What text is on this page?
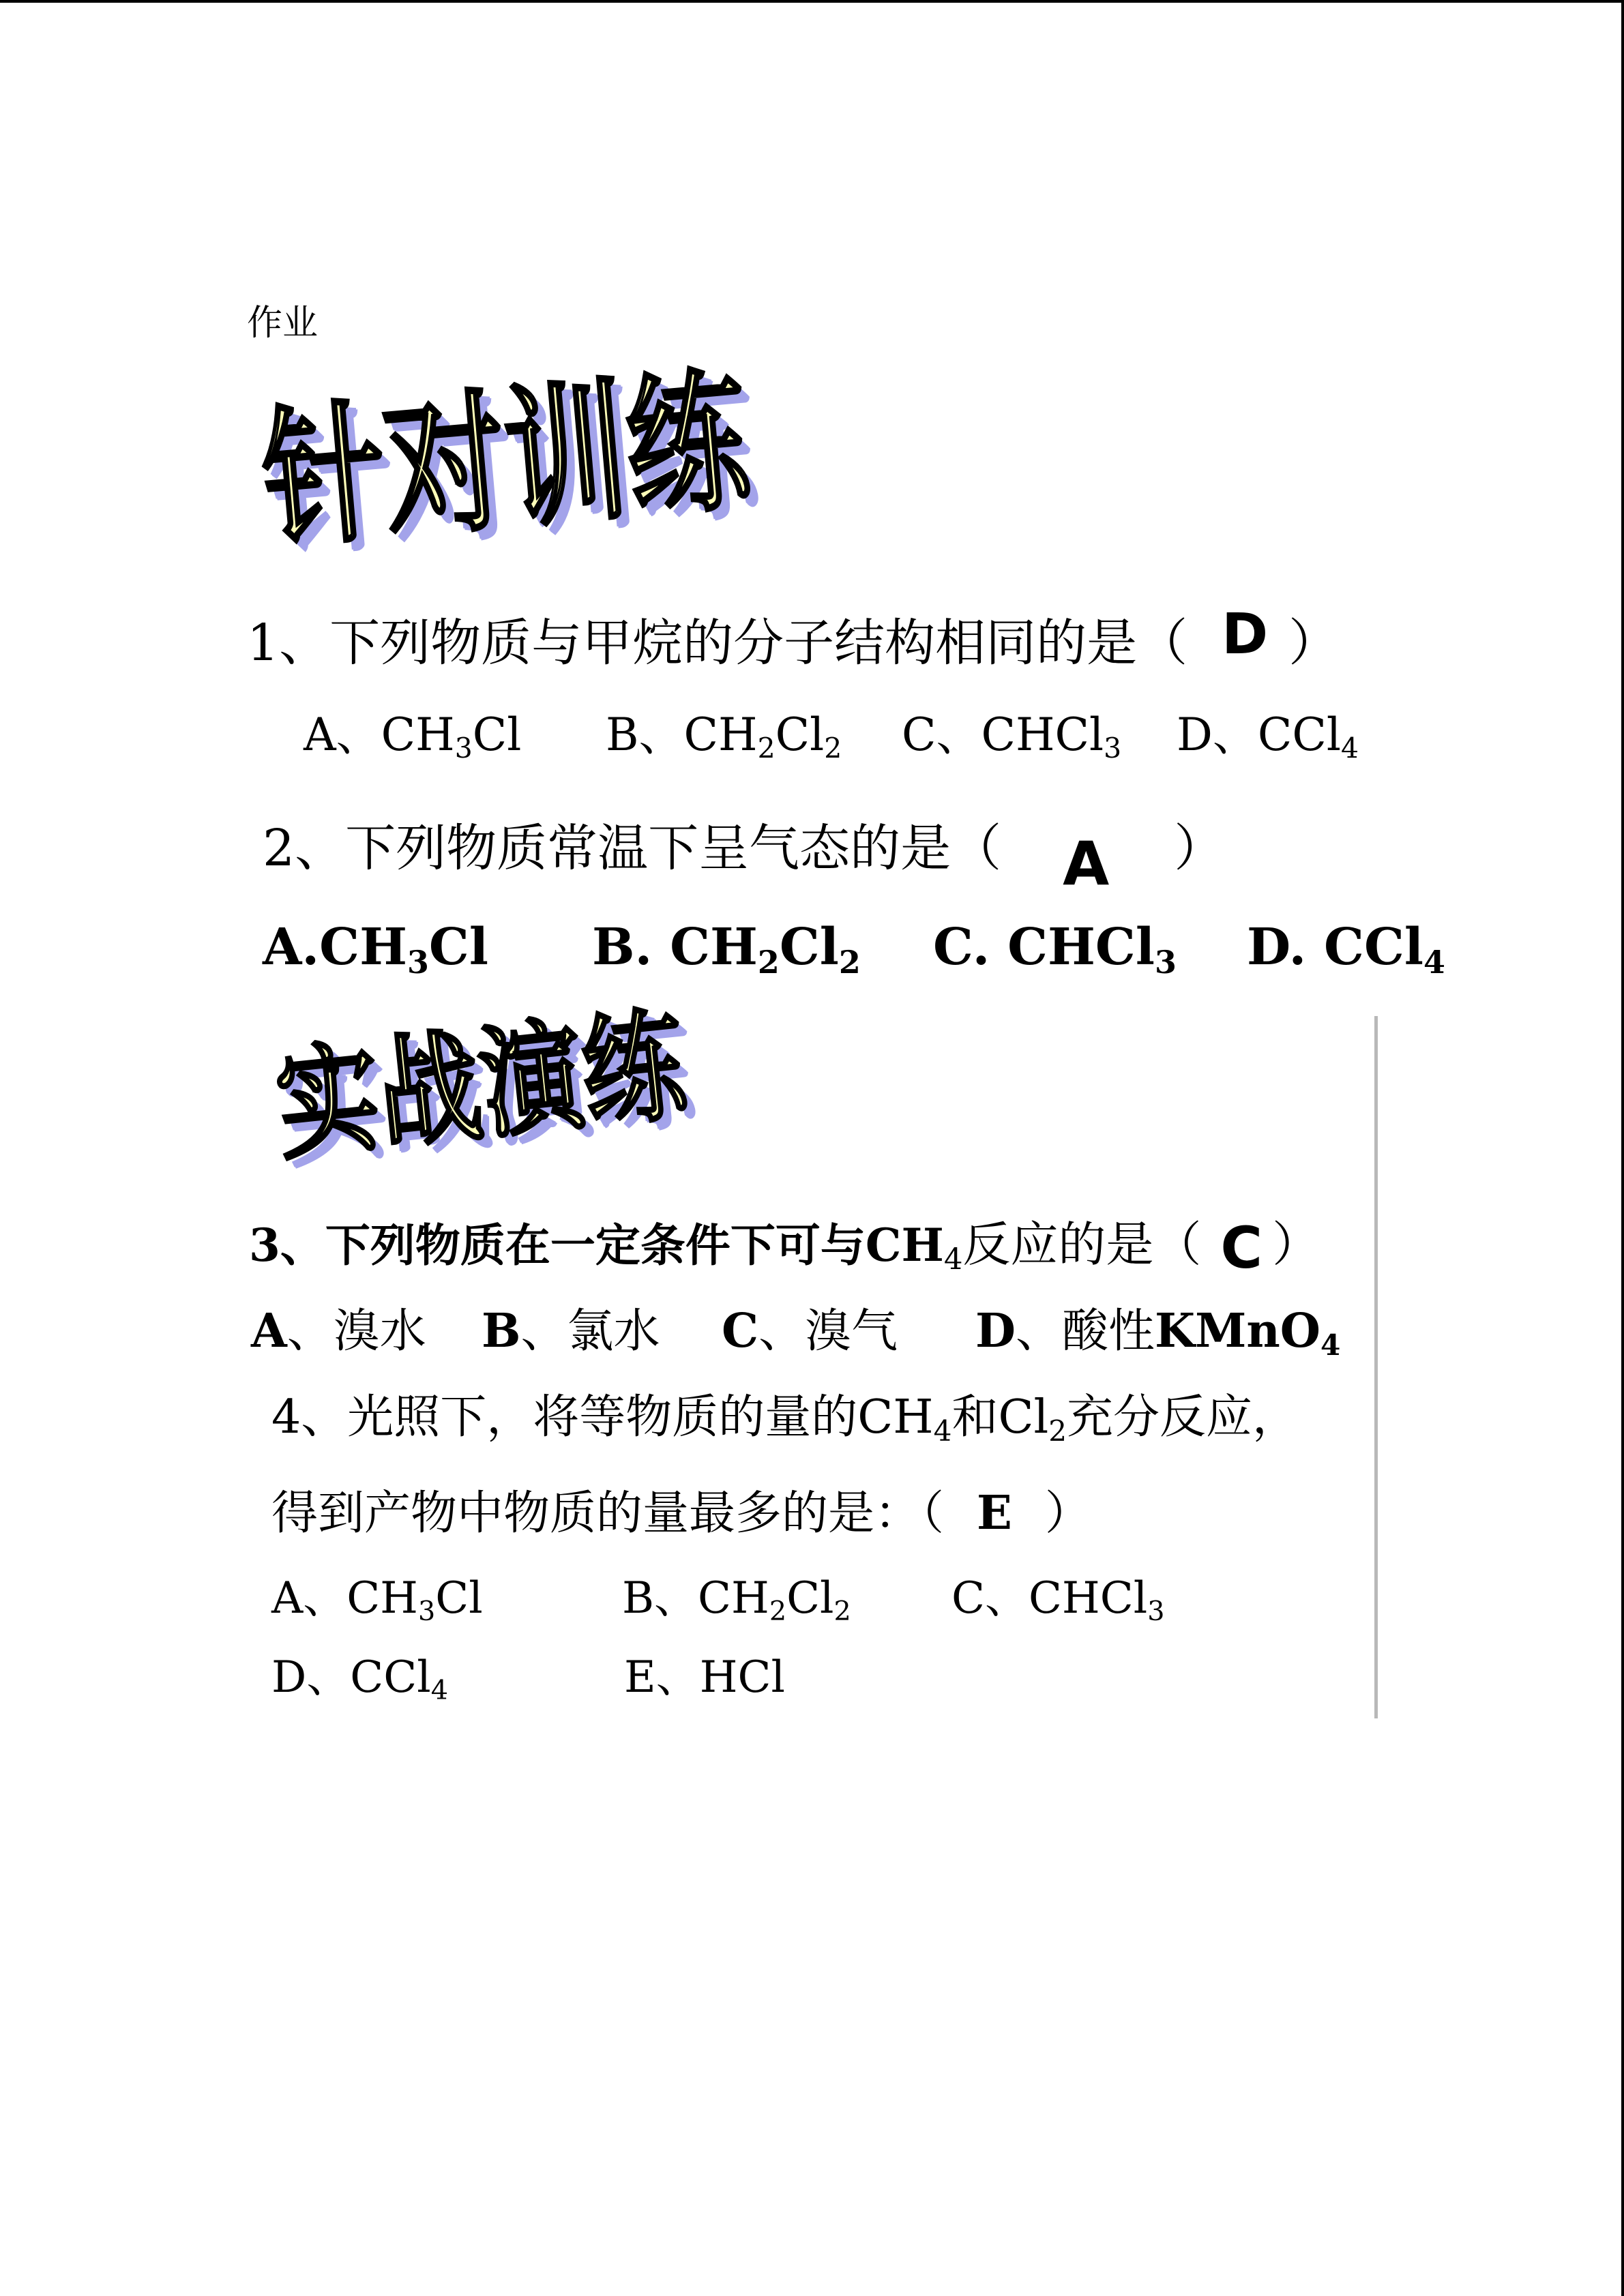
作业
针对训练
1、下列物质与甲烷的分子结构相同的是（ D ）
A、$CH_3Cl$ B、$CH_2Cl_2$ C、CHCl$_3$ D、CCl$_4$
2、下列物质常温下呈气态的是（ A ）
$A.CH_3Cl$ B. $CH_2Cl_2$ C. CHCl$_3$ D. CCl$_4$
实战演练
3、下列物质在一定条件下可与$CH_4$反应的是（ C ）
A、溴水 B、氯水 C、溴气 D、酸性KMnO$_4$
4、光照下，将等物质的量的$CH_4$和$Cl_2$充分反应，
得到产物中物质的量最多的是：（ E ）
A、$CH_3Cl$	B、$CH_2Cl_2$ C、CHCl$_3$
D、CCl$_4$	E、HCl
